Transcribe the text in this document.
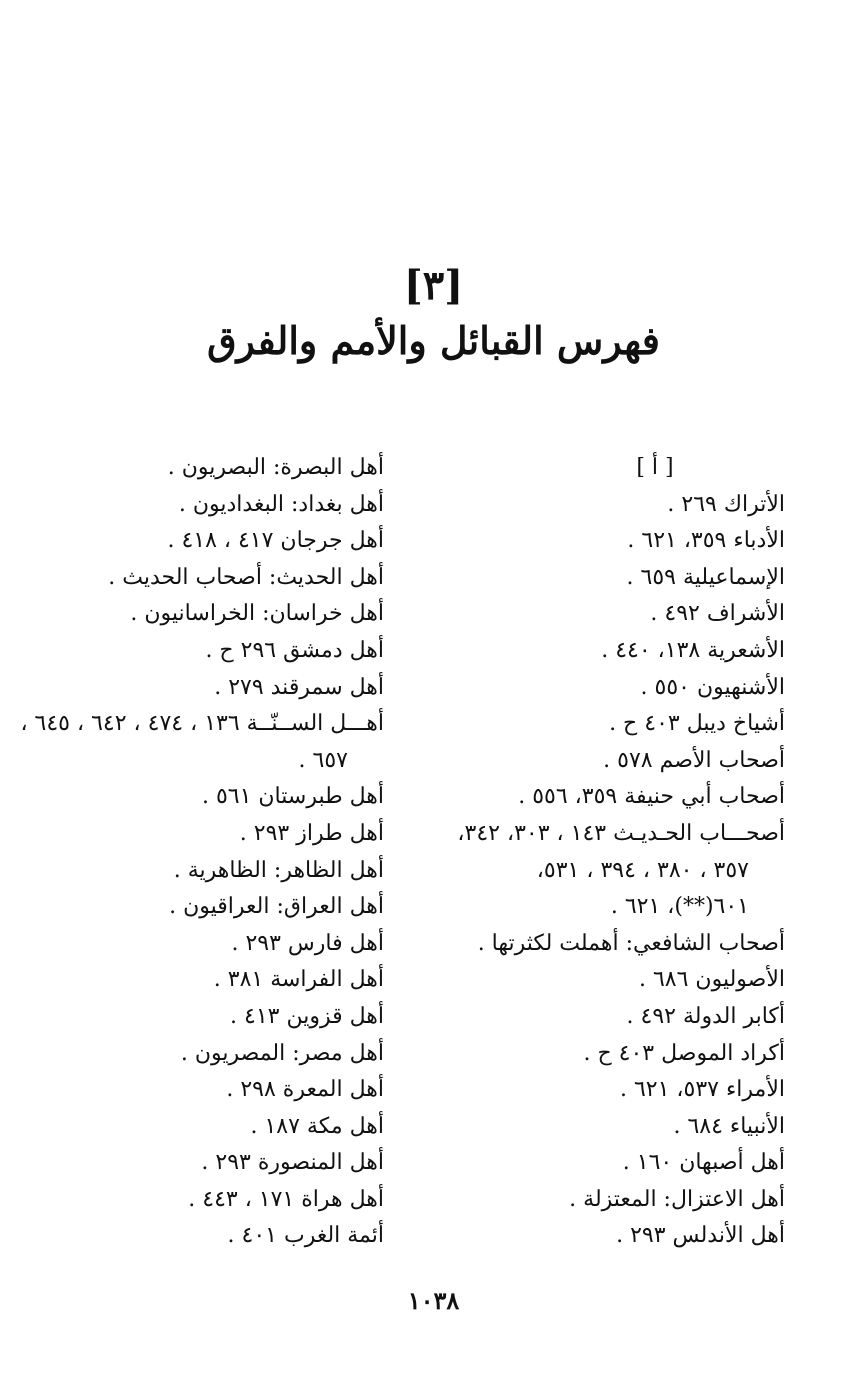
[٣]
فهرس القبائل والأمم والفرق
[ أ ]
الأتراك ٢٦٩ .
الأدباء ٣٥٩، ٦٢١ .
الإسماعيلية ٦٥٩ .
الأشراف ٤٩٢ .
الأشعرية ١٣٨، ٤٤٠ .
الأشنهيون ٥٥٠ .
أشياخ ديبل ٤٠٣ ح .
أصحاب الأصم ٥٧٨ .
أصحاب أبي حنيفة ٣٥٩، ٥٥٦ .
أصحـــاب الحـديـث ١٤٣ ، ٣٠٣، ٣٤٢،
٣٥٧ ، ٣٨٠ ، ٣٩٤ ، ٥٣١،
٦٠١(**)، ٦٢١ .
أصحاب الشافعي: أهملت لكثرتها .
الأصوليون ٦٨٦ .
أكابر الدولة ٤٩٢ .
أكراد الموصل ٤٠٣ ح .
الأمراء ٥٣٧، ٦٢١ .
الأنبياء ٦٨٤ .
أهل أصبهان ١٦٠ .
أهل الاعتزال: المعتزلة .
أهل الأندلس ٢٩٣ .
أهل البصرة: البصريون .
أهل بغداد: البغداديون .
أهل جرجان ٤١٧ ، ٤١٨ .
أهل الحديث: أصحاب الحديث .
أهل خراسان: الخراسانيون .
أهل دمشق ٢٩٦ ح .
أهل سمرقند ٢٧٩ .
أهـــل الســنّــة ١٣٦ ، ٤٧٤ ، ٦٤٢ ، ٦٤٥ ،
٦٥٧ .
أهل طبرستان ٥٦١ .
أهل طراز ٢٩٣ .
أهل الظاهر: الظاهرية .
أهل العراق: العراقيون .
أهل فارس ٢٩٣ .
أهل الفراسة ٣٨١ .
أهل قزوين ٤١٣ .
أهل مصر: المصريون .
أهل المعرة ٢٩٨ .
أهل مكة ١٨٧ .
أهل المنصورة ٢٩٣ .
أهل هراة ١٧١ ، ٤٤٣ .
أئمة الغرب ٤٠١ .
١٠٣٨
